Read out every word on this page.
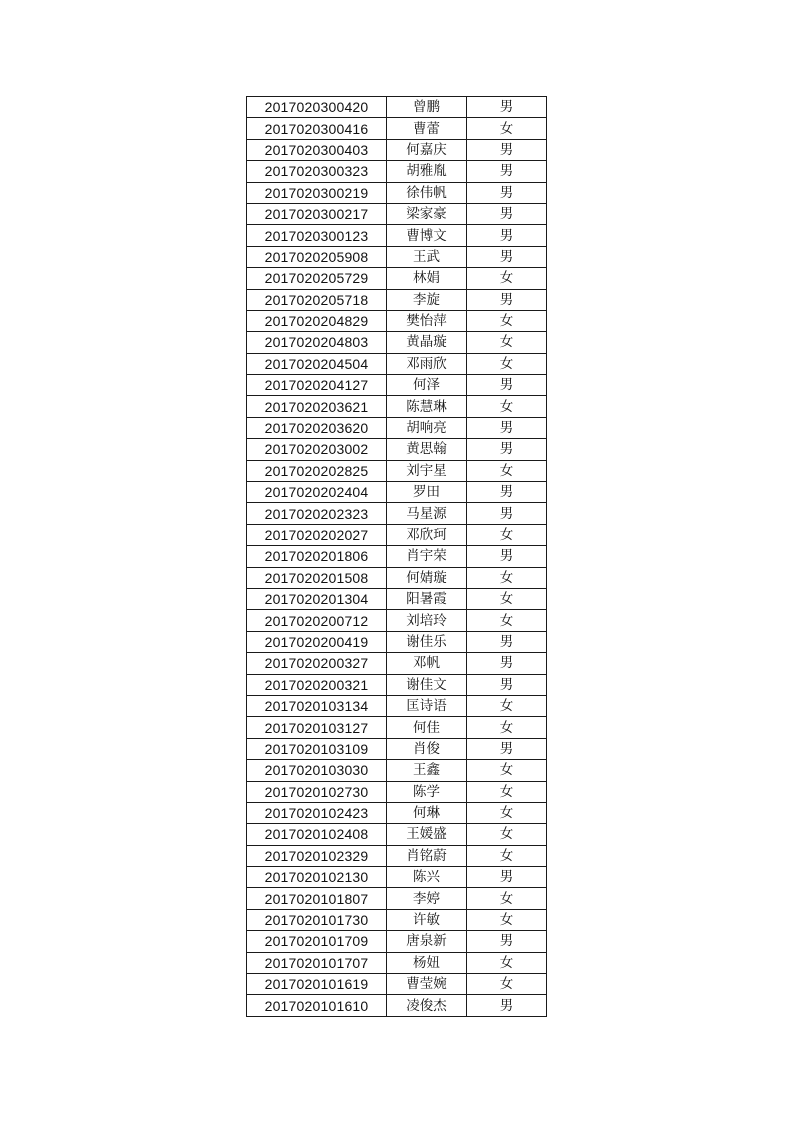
2017020300420	曾鹏	男
2017020300416	曹蕾	女
2017020300403	何嘉庆	男
2017020300323	胡雅胤	男
2017020300219	徐伟帆	男
2017020300217	梁家豪	男
2017020300123	曹博文	男
2017020205908	王武	男
2017020205729	林娟	女
2017020205718	李旋	男
2017020204829	樊怡萍	女
2017020204803	黄晶璇	女
2017020204504	邓雨欣	女
2017020204127	何泽	男
2017020203621	陈慧琳	女
2017020203620	胡响亮	男
2017020203002	黄思翰	男
2017020202825	刘宇星	女
2017020202404	罗田	男
2017020202323	马星源	男
2017020202027	邓欣珂	女
2017020201806	肖宇荣	男
2017020201508	何婧璇	女
2017020201304	阳暑霞	女
2017020200712	刘培玲	女
2017020200419	谢佳乐	男
2017020200327	邓帆	男
2017020200321	谢佳文	男
2017020103134	匡诗语	女
2017020103127	何佳	女
2017020103109	肖俊	男
2017020103030	王鑫	女
2017020102730	陈学	女
2017020102423	何琳	女
2017020102408	王媛盛	女
2017020102329	肖铭蔚	女
2017020102130	陈兴	男
2017020101807	李婷	女
2017020101730	许敏	女
2017020101709	唐泉新	男
2017020101707	杨妞	女
2017020101619	曹莹婉	女
2017020101610	凌俊杰	男
